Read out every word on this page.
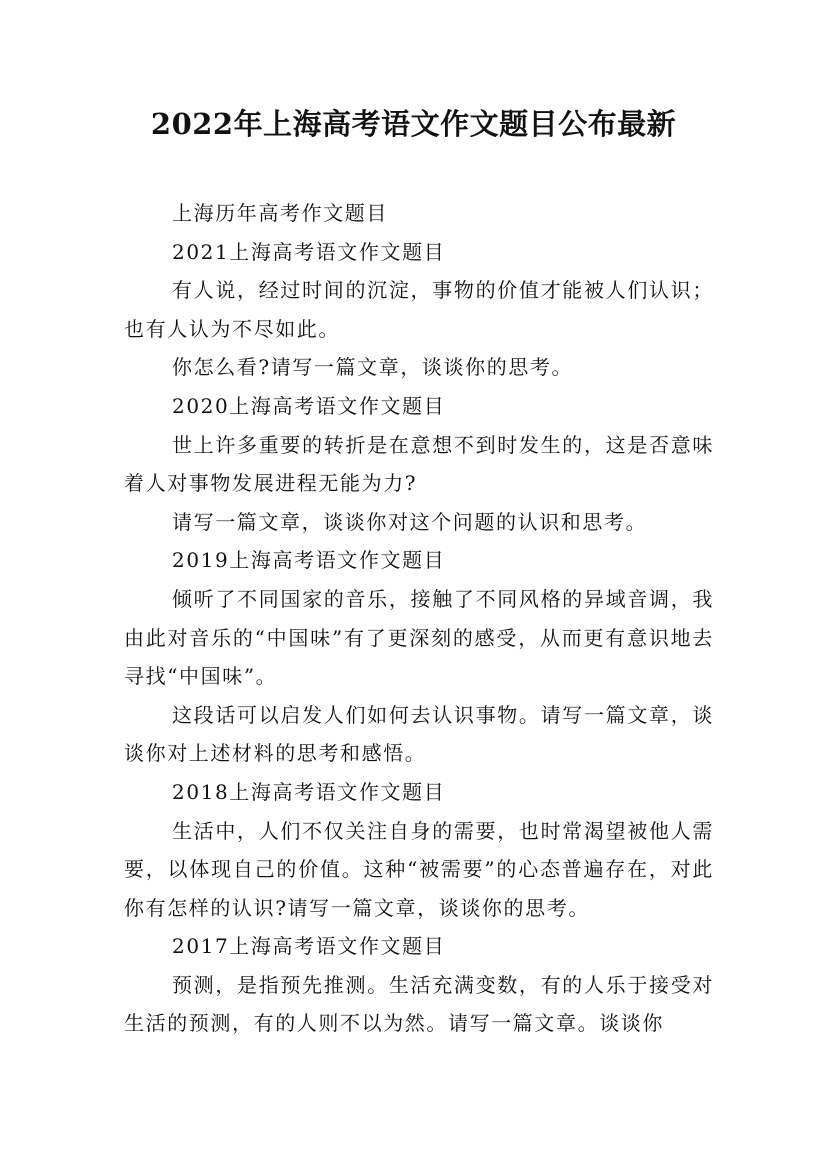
2022年上海高考语文作文题目公布最新

上海历年高考作文题目

2021上海高考语文作文题目

有人说，经过时间的沉淀，事物的价值才能被人们认识；也有人认为不尽如此。

你怎么看?请写一篇文章，谈谈你的思考。

2020上海高考语文作文题目

世上许多重要的转折是在意想不到时发生的，这是否意味着人对事物发展进程无能为力?

请写一篇文章，谈谈你对这个问题的认识和思考。

2019上海高考语文作文题目

倾听了不同国家的音乐，接触了不同风格的异域音调，我由此对音乐的“中国味”有了更深刻的感受，从而更有意识地去寻找“中国味”。

这段话可以启发人们如何去认识事物。请写一篇文章，谈谈你对上述材料的思考和感悟。

2018上海高考语文作文题目

生活中，人们不仅关注自身的需要，也时常渴望被他人需要，以体现自己的价值。这种“被需要”的心态普遍存在，对此你有怎样的认识?请写一篇文章，谈谈你的思考。

2017上海高考语文作文题目

预测，是指预先推测。生活充满变数，有的人乐于接受对生活的预测，有的人则不以为然。请写一篇文章。谈谈你
